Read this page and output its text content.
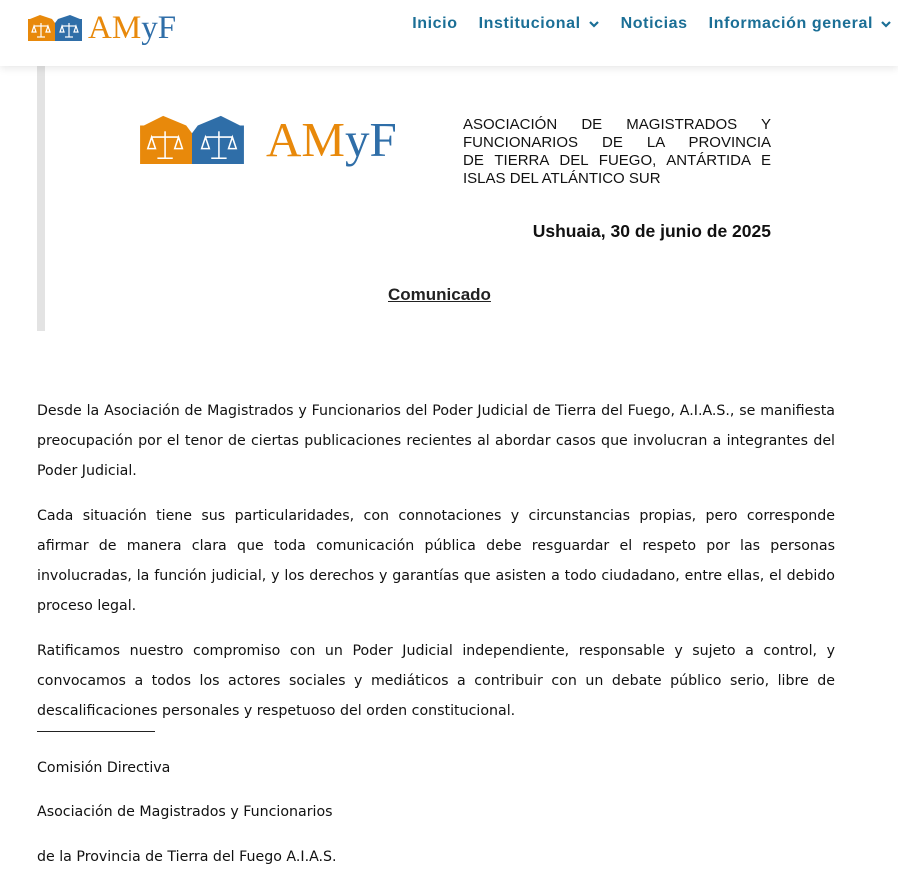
AMyF	Inicio Institucional	Noticias Información general
AMyF	ASOCIACIÓN DE MAGISTRADOS Y
FUNCIONARIOS DE LA PROVINCIA
DE TIERRA DEL FUEGO, ANTÁRTIDA E
ISLAS DEL ATLÁNTICO SUR
Ushuaia, 30 de junio de 2025
Comunicado

Desde la Asociación de Magistrados y Funcionarios del Poder Judicial de Tierra del Fuego, A.I.A.S., se manifiesta preocupación por el tenor de ciertas publicaciones recientes al abordar casos que involucran a integrantes del Poder Judicial.

Cada situación tiene sus particularidades, con connotaciones y circunstancias propias, pero corresponde afirmar de manera clara que toda comunicación pública debe resguardar el respeto por las personas involucradas, la función judicial, y los derechos y garantías que asisten a todo ciudadano, entre ellas, el debido proceso legal.

Ratificamos nuestro compromiso con un Poder Judicial independiente, responsable y sujeto a control, y convocamos a todos los actores sociales y mediáticos a contribuir con un debate público serio, libre de descalificaciones personales y respetuoso del orden constitucional.

Comisión Directiva
Asociación de Magistrados y Funcionarios
de la Provincia de Tierra del Fuego A.I.A.S.
